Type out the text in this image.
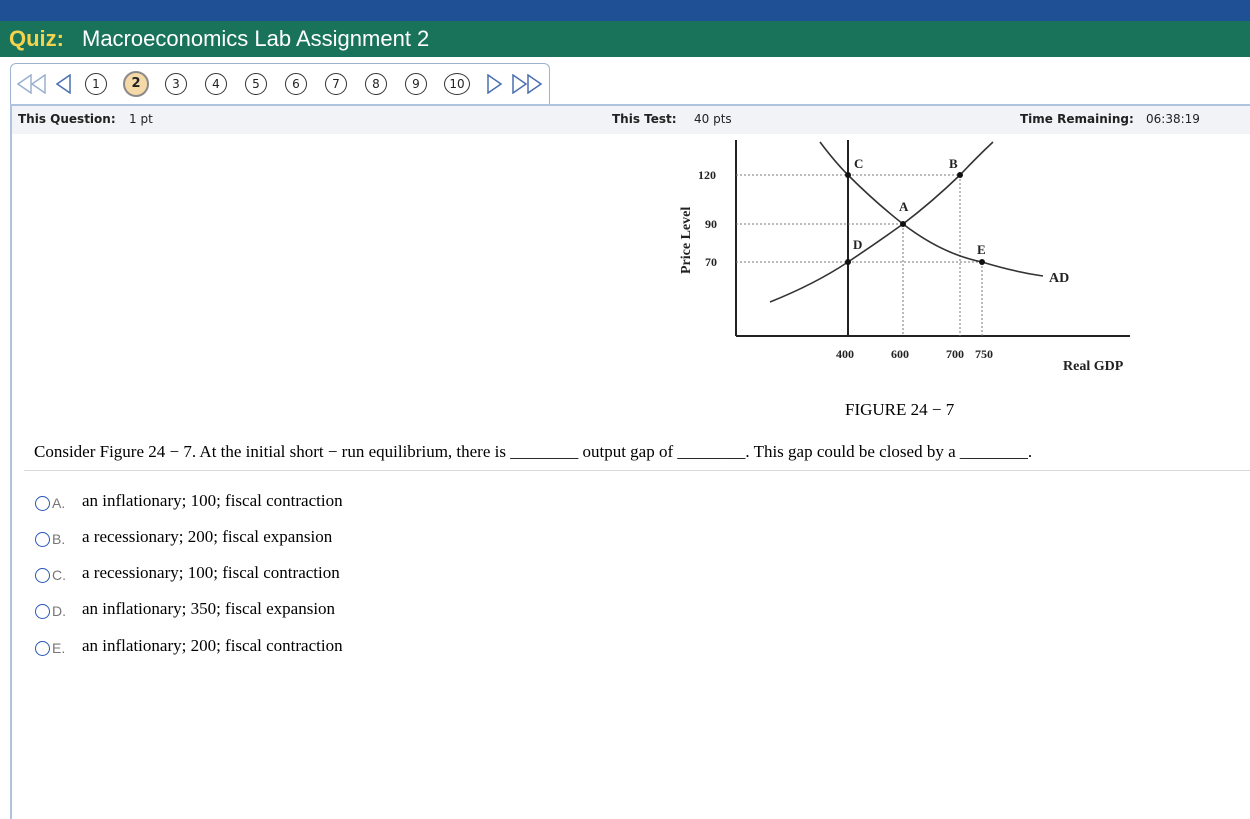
Quiz: Macroeconomics Lab Assignment 2
1	2	3	4	5	6	7	8	9	10
This Question: 1 pt	This Test: 40 pts	Time Remaining: 06:38:19
C	B
A
D	E
120
90
70
400	600	700 750
Price Level
Real GDP
AD
FIGURE 24 − 7
Consider Figure 24 − 7. At the initial short − run equilibrium, there is ________ output gap of ________. This gap could be closed by a ________.
A. an inflationary; 100; fiscal contraction
B. a recessionary; 200; fiscal expansion
C. a recessionary; 100; fiscal contraction
D. an inflationary; 350; fiscal expansion
E. an inflationary; 200; fiscal contraction
